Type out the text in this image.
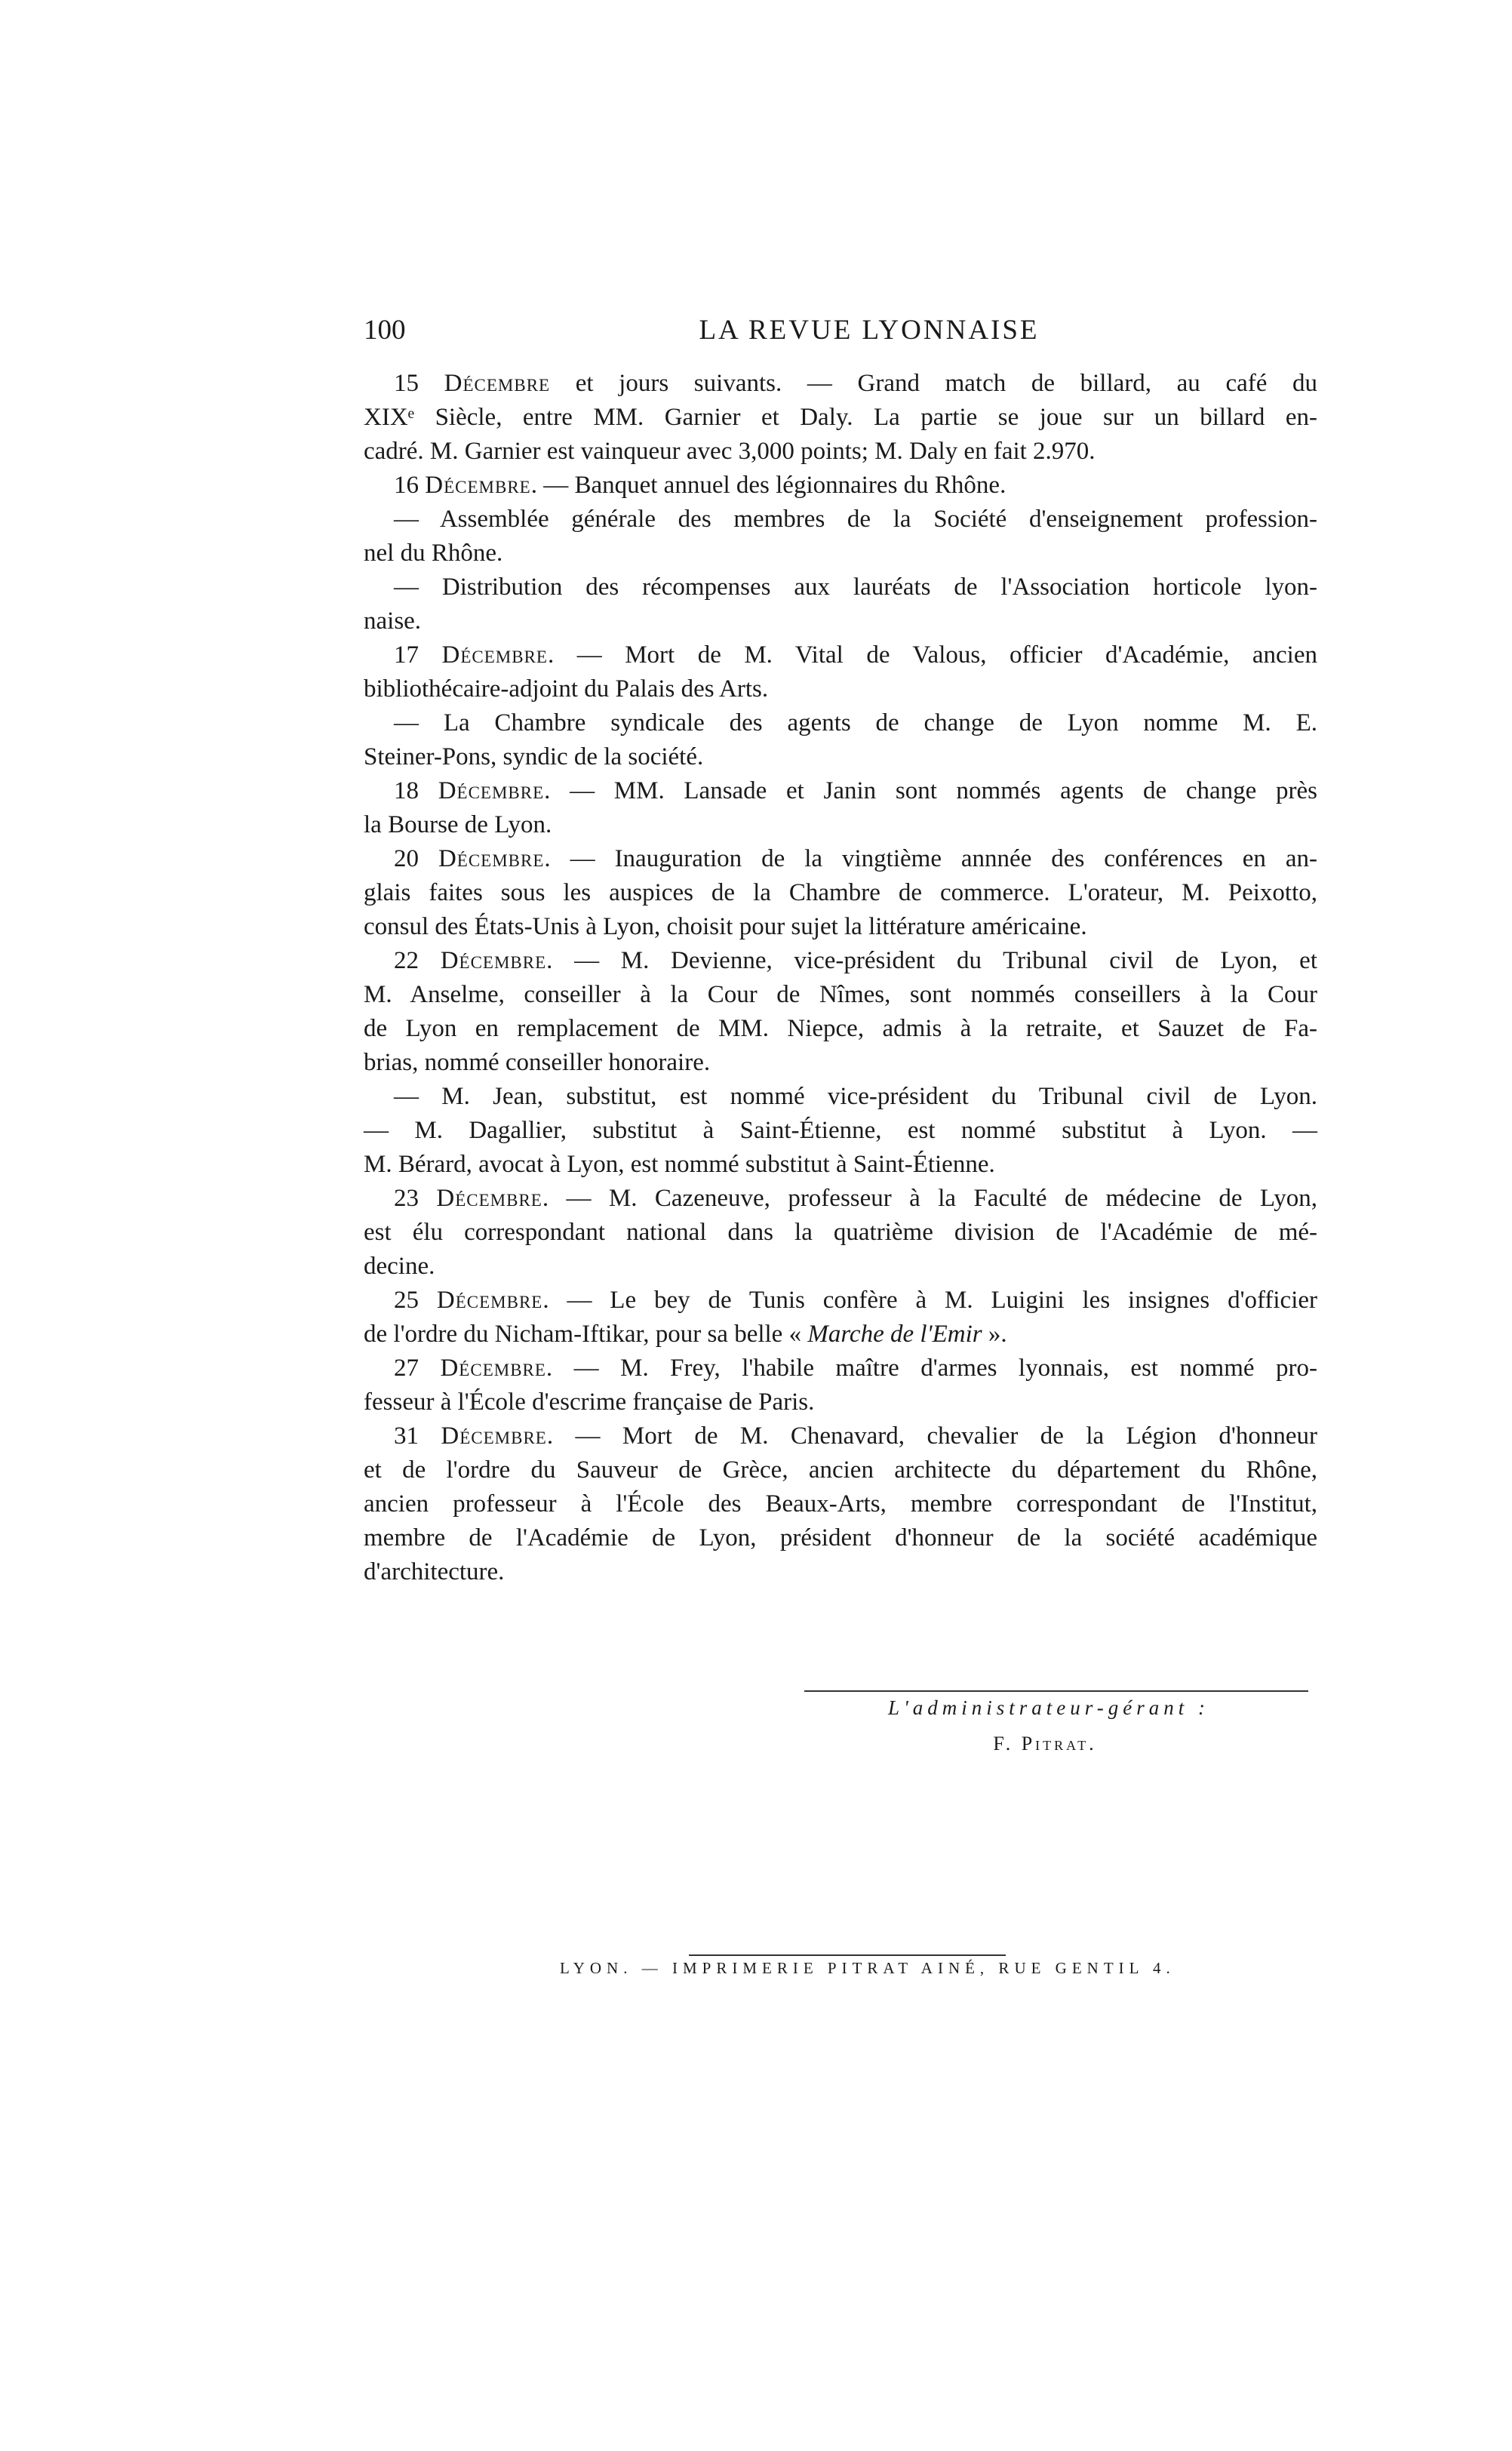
100	LA REVUE LYONNAISE
15 Décembre et jours suivants. — Grand match de billard, au café du
XIXᵉ Siècle, entre MM. Garnier et Daly. La partie se joue sur un billard en-
cadré. M. Garnier est vainqueur avec 3,000 points; M. Daly en fait 2.970.
16 Décembre. — Banquet annuel des légionnaires du Rhône.
— Assemblée générale des membres de la Société d'enseignement profession-
nel du Rhône.
— Distribution des récompenses aux lauréats de l'Association horticole lyon-
naise.
17 Décembre. — Mort de M. Vital de Valous, officier d'Académie, ancien
bibliothécaire-adjoint du Palais des Arts.
— La Chambre syndicale des agents de change de Lyon nomme M. E.
Steiner-Pons, syndic de la société.
18 Décembre. — MM. Lansade et Janin sont nommés agents de change près
la Bourse de Lyon.
20 Décembre. — Inauguration de la vingtième annnée des conférences en an-
glais faites sous les auspices de la Chambre de commerce. L'orateur, M. Peixotto,
consul des États-Unis à Lyon, choisit pour sujet la littérature américaine.
22 Décembre. — M. Devienne, vice-président du Tribunal civil de Lyon, et
M. Anselme, conseiller à la Cour de Nîmes, sont nommés conseillers à la Cour
de Lyon en remplacement de MM. Niepce, admis à la retraite, et Sauzet de Fa-
brias, nommé conseiller honoraire.
— M. Jean, substitut, est nommé vice-président du Tribunal civil de Lyon.
— M. Dagallier, substitut à Saint-Étienne, est nommé substitut à Lyon. —
M. Bérard, avocat à Lyon, est nommé substitut à Saint-Étienne.
23 Décembre. — M. Cazeneuve, professeur à la Faculté de médecine de Lyon,
est élu correspondant national dans la quatrième division de l'Académie de mé-
decine.
25 Décembre. — Le bey de Tunis confère à M. Luigini les insignes d'officier
de l'ordre du Nicham-Iftikar, pour sa belle « Marche de l'Emir ».
27 Décembre. — M. Frey, l'habile maître d'armes lyonnais, est nommé pro-
fesseur à l'École d'escrime française de Paris.
31 Décembre. — Mort de M. Chenavard, chevalier de la Légion d'honneur
et de l'ordre du Sauveur de Grèce, ancien architecte du département du Rhône,
ancien professeur à l'École des Beaux-Arts, membre correspondant de l'Institut,
membre de l'Académie de Lyon, président d'honneur de la société académique
d'architecture.
L'administrateur-gérant :
F. Pitrat.
LYON. — IMPRIMERIE PITRAT AINÉ, RUE GENTIL 4.
